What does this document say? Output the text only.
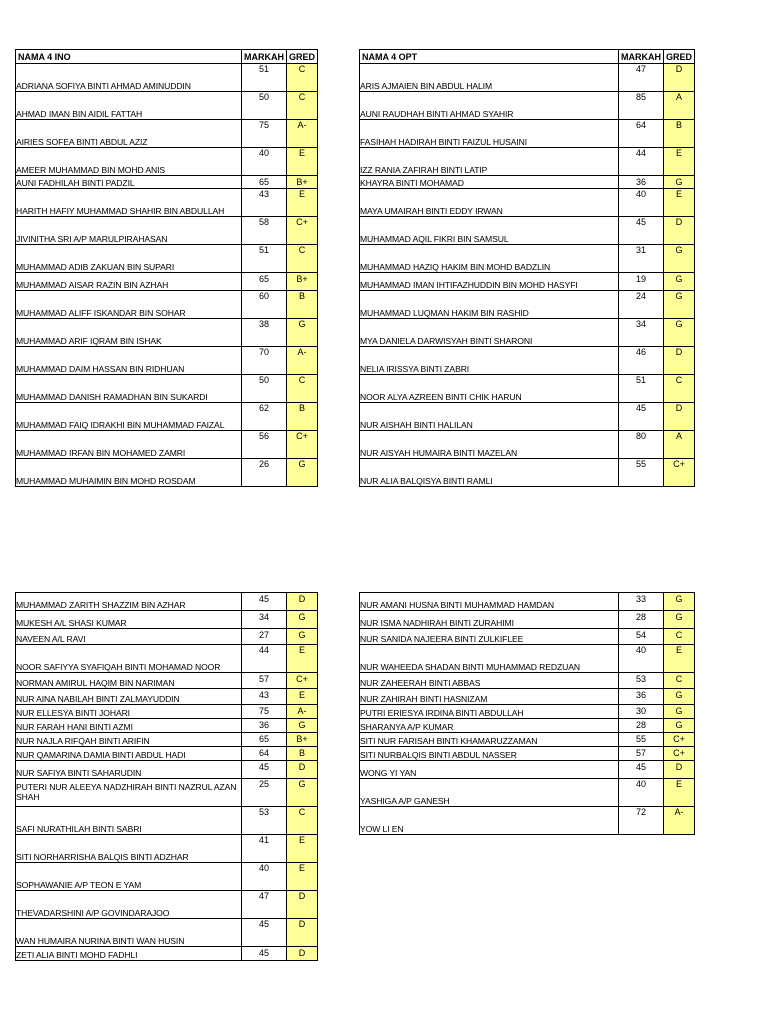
NAMA 4 INO	MARKAH	GRED
ADRIANA SOFIYA BINTI AHMAD AMINUDDIN	51	C
AHMAD IMAN BIN AIDIL FATTAH	50	C
AIRIES SOFEA BINTI ABDUL AZIZ	75	A-
AMEER MUHAMMAD BIN MOHD ANIS	40	E
AUNI FADHILAH BINTI PADZIL	65	B+
HARITH HAFIY MUHAMMAD SHAHIR BIN ABDULLAH	43	E
JIVINITHA SRI A/P MARULPIRAHASAN	58	C+
MUHAMMAD ADIB ZAKUAN BIN SUPARI	51	C
MUHAMMAD AISAR RAZIN BIN AZHAH	65	B+
MUHAMMAD ALIFF ISKANDAR BIN SOHAR	60	B
MUHAMMAD ARIF IQRAM BIN ISHAK	38	G
MUHAMMAD DAIM HASSAN BIN RIDHUAN	70	A-
MUHAMMAD DANISH RAMADHAN BIN SUKARDI	50	C
MUHAMMAD FAIQ IDRAKHI BIN MUHAMMAD FAIZAL	62	B
MUHAMMAD IRFAN BIN MOHAMED ZAMRI	56	C+
MUHAMMAD MUHAIMIN BIN MOHD ROSDAM	26	G
NAMA 4 OPT	MARKAH	GRED
ARIS AJMAIEN BIN ABDUL HALIM	47	D
AUNI RAUDHAH BINTI AHMAD SYAHIR	85	A
FASIHAH HADIRAH BINTI FAIZUL HUSAINI	64	B
IZZ RANIA ZAFIRAH BINTI LATIP	44	E
KHAYRA BINTI MOHAMAD	36	G
MAYA UMAIRAH BINTI EDDY IRWAN	40	E
MUHAMMAD AQIL FIKRI BIN SAMSUL	45	D
MUHAMMAD HAZIQ HAKIM BIN MOHD BADZLIN	31	G
MUHAMMAD IMAN IHTIFAZHUDDIN BIN MOHD HASYFI	19	G
MUHAMMAD LUQMAN HAKIM BIN RASHID	24	G
MYA DANIELA DARWISYAH BINTI SHARONI	34	G
NELIA IRISSYA BINTI ZABRI	46	D
NOOR ALYA AZREEN BINTI CHIK HARUN	51	C
NUR AISHAH BINTI HALILAN	45	D
NUR AISYAH HUMAIRA BINTI MAZELAN	80	A
NUR ALIA BALQISYA BINTI RAMLI	55	C+
MUHAMMAD ZARITH SHAZZIM BIN AZHAR	45	D
MUKESH A/L SHASI KUMAR	34	G
NAVEEN A/L RAVI	27	G
NOOR SAFIYYA SYAFIQAH BINTI MOHAMAD NOOR	44	E
NORMAN AMIRUL HAQIM BIN NARIMAN	57	C+
NUR AINA NABILAH BINTI ZALMAYUDDIN	43	E
NUR ELLESYA BINTI JOHARI	75	A-
NUR FARAH HANI BINTI AZMI	36	G
NUR NAJLA RIFQAH BINTI ARIFIN	65	B+
NUR QAMARINA DAMIA BINTI ABDUL HADI	64	B
NUR SAFIYA BINTI SAHARUDIN	45	D
PUTERI NUR ALEEYA NADZHIRAH BINTI NAZRUL AZAN SHAH	25	G
SAFI NURATHILAH BINTI SABRI	53	C
SITI NORHARRISHA BALQIS BINTI ADZHAR	41	E
SOPHAWANIE A/P TEON E YAM	40	E
THEVADARSHINI A/P GOVINDARAJOO	47	D
WAN HUMAIRA NURINA BINTI WAN HUSIN	45	D
ZETI ALIA BINTI MOHD FADHLI	45	D
NUR AMANI HUSNA BINTI MUHAMMAD HAMDAN	33	G
NUR ISMA NADHIRAH BINTI ZURAHIMI	28	G
NUR SANIDA NAJEERA BINTI ZULKIFLEE	54	C
NUR WAHEEDA SHADAN BINTI MUHAMMAD REDZUAN	40	E
NUR ZAHEERAH BINTI ABBAS	53	C
NUR ZAHIRAH BINTI HASNIZAM	36	G
PUTRI ERIESYA IRDINA BINTI ABDULLAH	30	G
SHARANYA A/P KUMAR	28	G
SITI NUR FARISAH BINTI KHAMARUZZAMAN	55	C+
SITI NURBALQIS BINTI ABDUL NASSER	57	C+
WONG YI YAN	45	D
YASHIGA A/P GANESH	40	E
YOW LI EN	72	A-
